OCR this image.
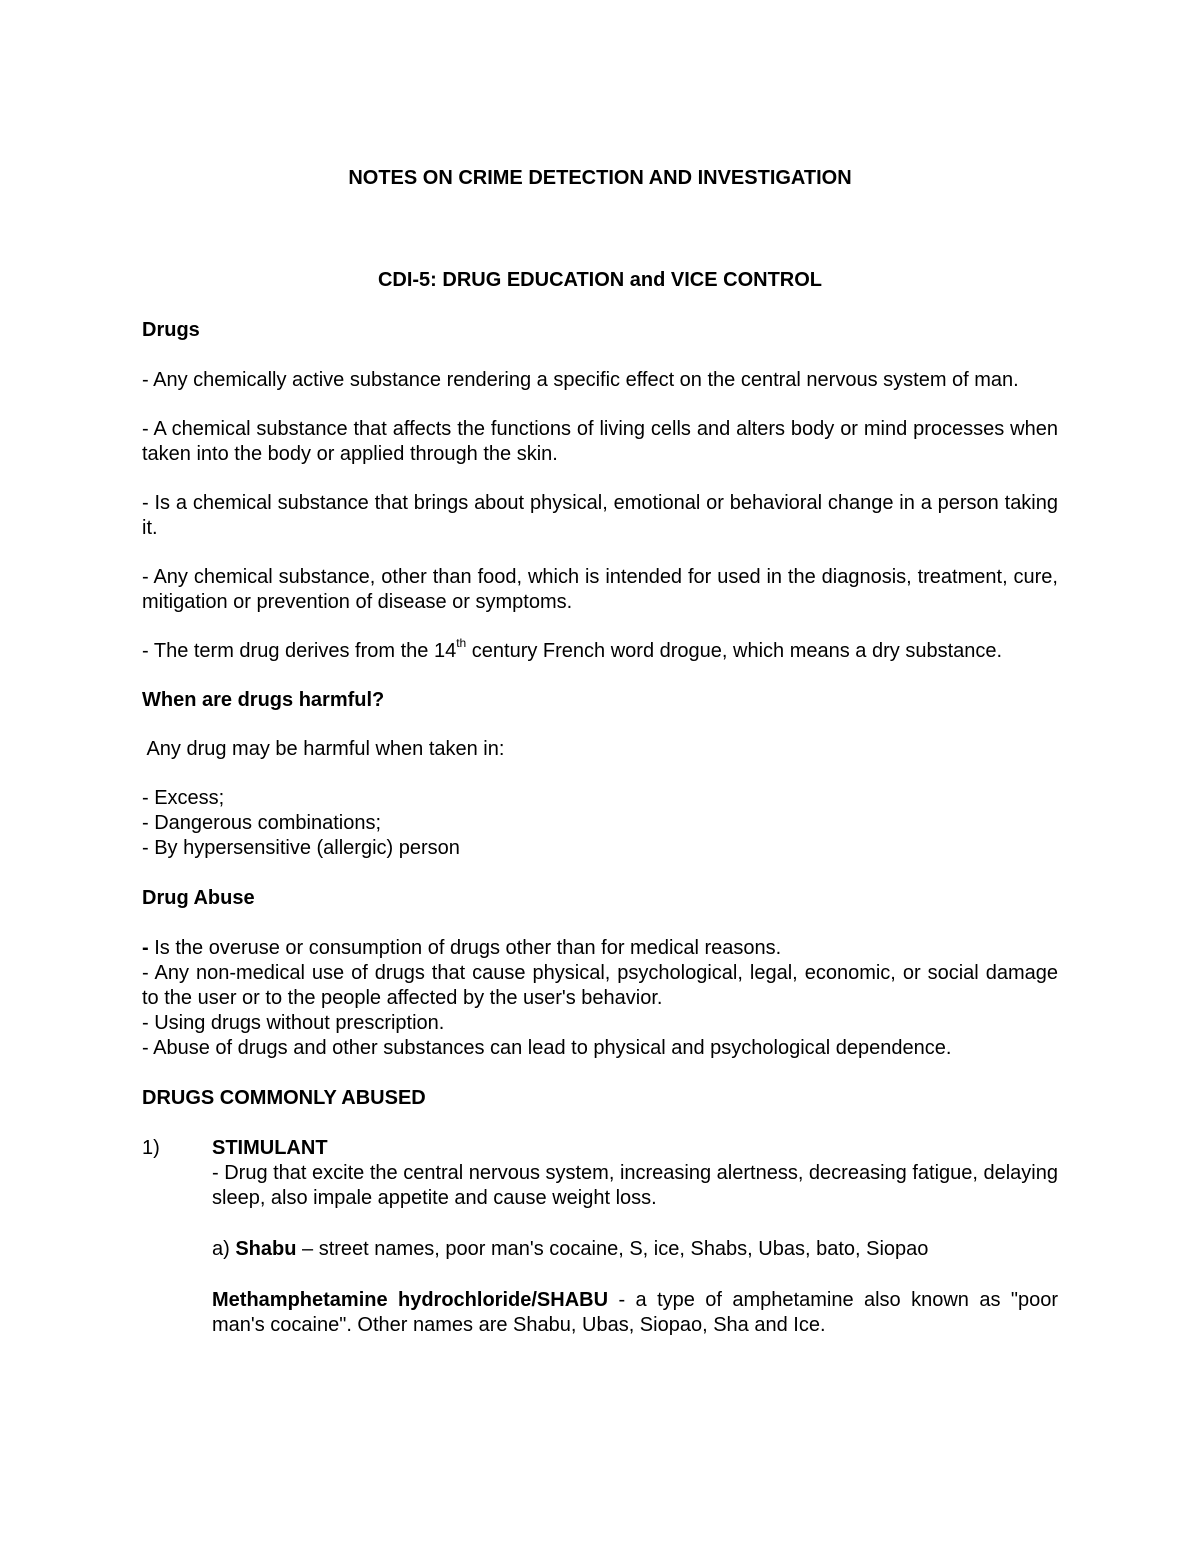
NOTES ON CRIME DETECTION AND INVESTIGATION

CDI-5: DRUG EDUCATION and VICE CONTROL

Drugs

- Any chemically active substance rendering a specific effect on the central nervous system of man.

- A chemical substance that affects the functions of living cells and alters body or mind processes when taken into the body or applied through the skin.

- Is a chemical substance that brings about physical, emotional or behavioral change in a person taking it.

- Any chemical substance, other than food, which is intended for used in the diagnosis, treatment, cure, mitigation or prevention of disease or symptoms.

- The term drug derives from the 14th century French word drogue, which means a dry substance.

When are drugs harmful?

Any drug may be harmful when taken in:

- Excess;

- Dangerous combinations;

- By hypersensitive (allergic) person

Drug Abuse

- Is the overuse or consumption of drugs other than for medical reasons.

- Any non-medical use of drugs that cause physical, psychological, legal, economic, or social damage to the user or to the people affected by the user's behavior.

- Using drugs without prescription.

- Abuse of drugs and other substances can lead to physical and psychological dependence.

DRUGS COMMONLY ABUSED

1)	STIMULANT

- Drug that excite the central nervous system, increasing alertness, decreasing fatigue, delaying sleep, also impale appetite and cause weight loss.

a) Shabu – street names, poor man's cocaine, S, ice, Shabs, Ubas, bato, Siopao

Methamphetamine hydrochloride/SHABU - a type of amphetamine also known as "poor man's cocaine". Other names are Shabu, Ubas, Siopao, Sha and Ice.
